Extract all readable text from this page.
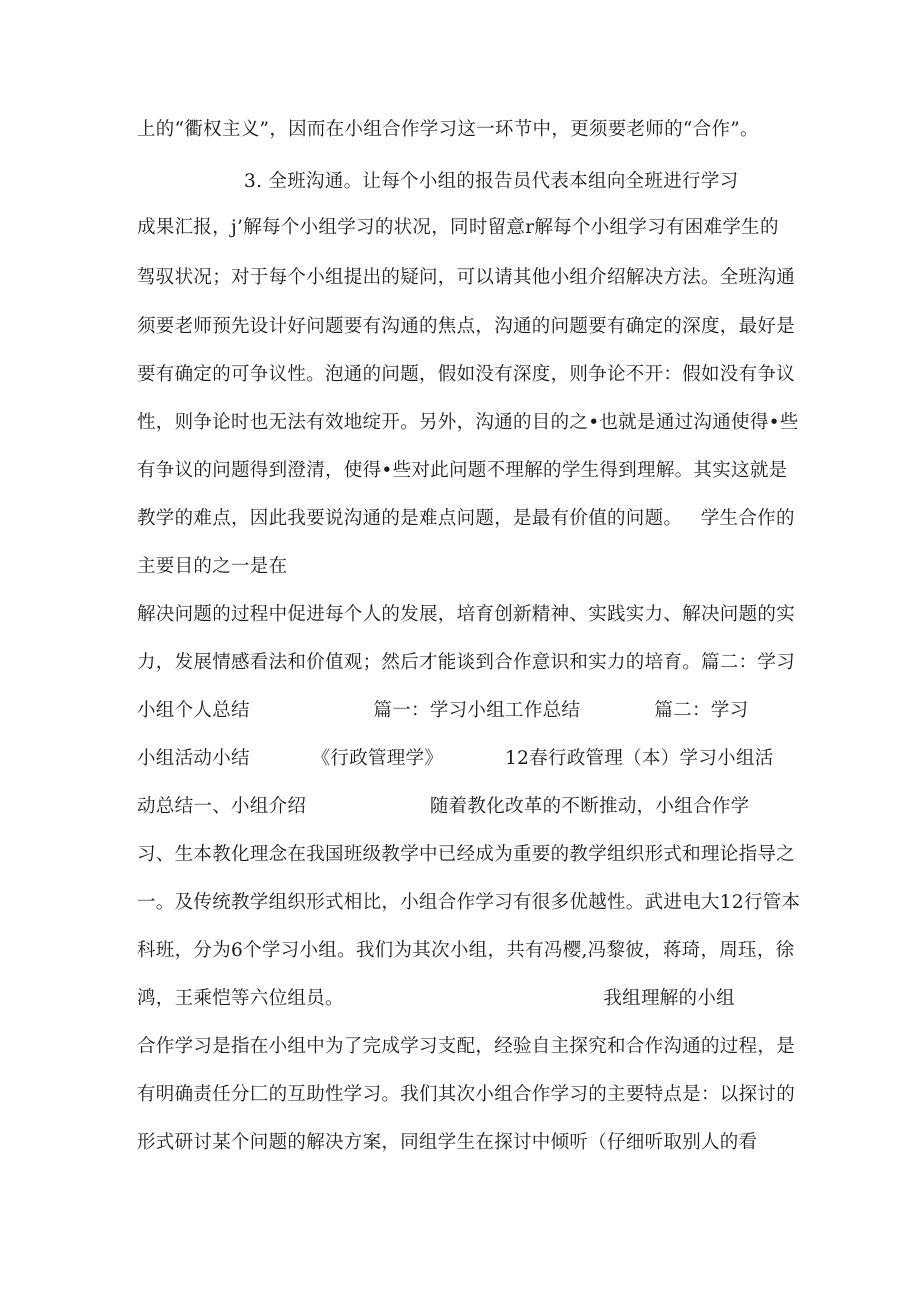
上的“衢权主义”，因而在小组合作学习这一环节中，更须要老师的“合作”。
3. 全班沟通。让每个小组的报告员代表本组向全班进行学习
成果汇报，j’解每个小组学习的状况，同时留意r解每个小组学习有困难学生的
驾驭状况；对于每个小组提出的疑问，可以请其他小组介绍解决方法。全班沟通
须要老师预先设计好问题要有沟通的焦点，沟通的问题要有确定的深度，最好是
要有确定的可争议性。泡通的问题，假如没有深度，则争论不开：假如没有争议
性，则争论时也无法有效地绽开。另外，沟通的目的之•也就是通过沟通使得•些
有争议的问题得到澄清，使得•些对此问题不理解的学生得到理解。其实这就是
教学的难点，因此我要说沟通的是难点问题，是最有价值的问题。   学生合作的
主要目的之一是在
解决问题的过程中促进每个人的发展，培育创新精神、实践实力、解决问题的实
力，发展情感看法和价值观；然后才能谈到合作意识和实力的培育。篇二：学习
小组个人总结                    篇一：学习小组工作总结            篇二：学习
小组活动小结          《行政管理学》          12春行政管理（本）学习小组活
动总结一、小组介绍                    随着教化改革的不断推动，小组合作学
习、生本教化理念在我国班级教学中已经成为重要的教学组织形式和理论指导之
一。及传统教学组织形式相比，小组合作学习有很多优越性。武进电大12行管本
科班，分为6个学习小组。我们为其次小组，共有冯樱,冯黎彼，蒋琦，周珏，徐
鸿，王乘恺等六位组员。                                          我组理解的小组
合作学习是指在小组中为了完成学习支配，经验自主探究和合作沟通的过程，是
有明确责任分匚的互助性学习。我们其次小组合作学习的主要特点是：以探讨的
形式研讨某个问题的解决方案，同组学生在探讨中倾听（仔细听取别人的看
